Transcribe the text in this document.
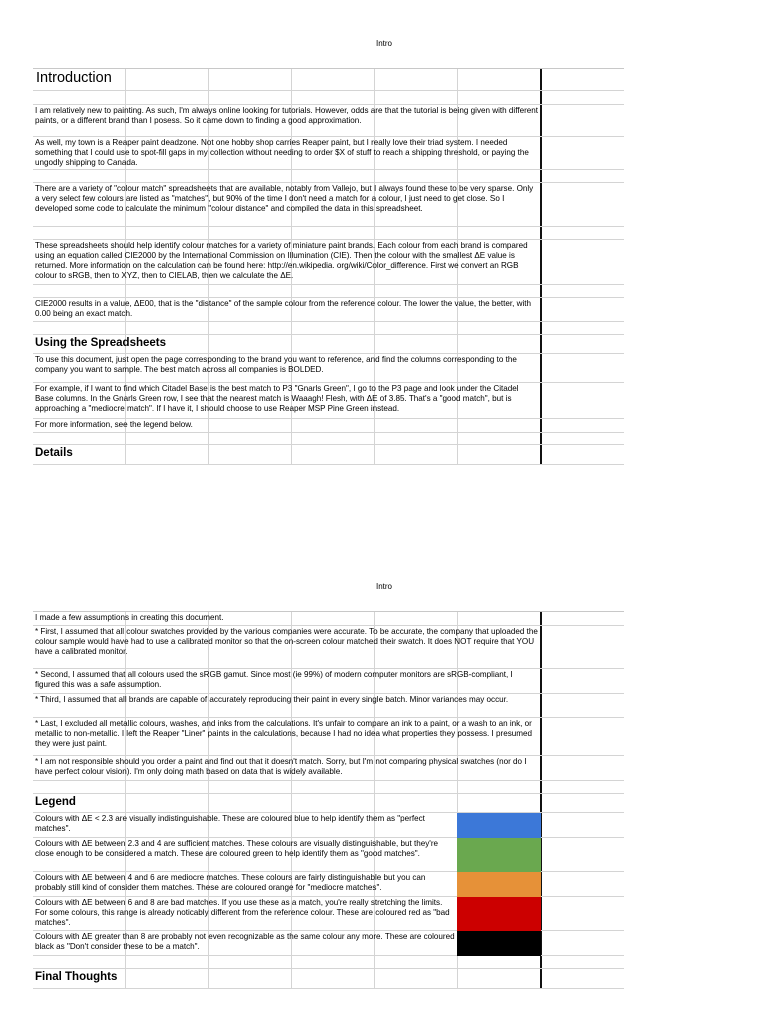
Intro
Introduction
I am relatively new to painting. As such, I'm always online looking for tutorials. However, odds are that the tutorial is being given with different paints, or a different brand than I posess. So it came down to finding a good approximation.
As well, my town is a Reaper paint deadzone. Not one hobby shop carries Reaper paint, but I really love their triad system. I needed something that I could use to spot-fill gaps in my collection without needing to order $X of stuff to reach a shipping threshold, or paying the ungodly shipping to Canada.
There are a variety of "colour match" spreadsheets that are available, notably from Vallejo, but I always found these to be very sparse. Only a very select few colours are listed as "matches", but 90% of the time I don't need a match for a colour, I just need to get close. So I developed some code to calculate the minimum "colour distance" and compiled the data in this spreadsheet.
These spreadsheets should help identify colour matches for a variety of miniature paint brands. Each colour from each brand is compared using an equation called CIE2000 by the International Commission on Illumination (CIE). Then the colour with the smallest ΔE value is returned. More information on the calculation can be found here: http://en.wikipedia. org/wiki/Color_difference. First we convert an RGB colour to sRGB, then to XYZ, then to CIELAB, then we calculate the ΔE.
CIE2000 results in a value, ΔE00, that is the "distance" of the sample colour from the reference colour. The lower the value, the better, with 0.00 being an exact match.
Using the Spreadsheets
To use this document, just open the page corresponding to the brand you want to reference, and find the columns corresponding to the company you want to sample. The best match across all companies is BOLDED.
For example, if I want to find which Citadel Base is the best match to P3 "Gnarls Green", I go to the P3 page and look under the Citadel Base columns. In the Gnarls Green row, I see that the nearest match is Waaagh! Flesh, with ΔE of 3.85. That's a "good match", but is approaching a "mediocre match". If I have it, I should choose to use Reaper MSP Pine Green instead.
For more information, see the legend below.
Details
Intro
I made a few assumptions in creating this document.
* First, I assumed that all colour swatches provided by the various companies were accurate. To be accurate, the company that uploaded the colour sample would have had to use a calibrated monitor so that the on-screen colour matched their swatch. It does NOT require that YOU have a calibrated monitor.
* Second, I assumed that all colours used the sRGB gamut. Since most (ie 99%) of modern computer monitors are sRGB-compliant, I figured this was a safe assumption.
* Third, I assumed that all brands are capable of accurately reproducing their paint in every single batch. Minor variances may occur.
* Last, I excluded all metallic colours, washes, and inks from the calculations. It's unfair to compare an ink to a paint, or a wash to an ink, or metallic to non-metallic. I left the Reaper "Liner" paints in the calculations, because I had no idea what properties they possess. I presumed they were just paint.
* I am not responsible should you order a paint and find out that it doesn't match. Sorry, but I'm not comparing physical swatches (nor do I have perfect colour vision). I'm only doing math based on data that is widely available.
Legend
Colours with ΔE < 2.3 are visually indistinguishable. These are coloured blue to help identify them as "perfect matches".
Colours with ΔE between 2.3 and 4 are sufficient matches. These colours are visually distinguishable, but they're close enough to be considered a match. These are coloured green to help identify them as "good matches".
Colours with ΔE between 4 and 6 are mediocre matches. These colours are fairly distinguishable but you can probably still kind of consider them matches. These are coloured orange for "mediocre matches".
Colours with ΔE between 6 and 8 are bad matches. If you use these as a match, you're really stretching the limits. For some colours, this range is already noticably different from the reference colour. These are coloured red as "bad matches".
Colours with ΔE greater than 8 are probably not even recognizable as the same colour any more. These are coloured black as "Don't consider these to be a match".
Final Thoughts
